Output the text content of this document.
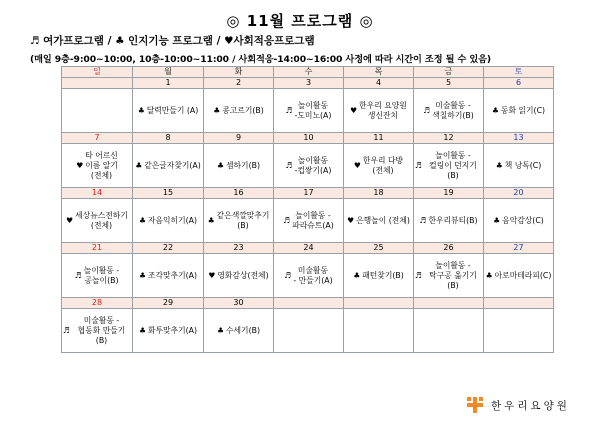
◎ 11월 프로그램 ◎
♬ 여가프로그램 / ♣ 인지기능 프로그램 / ♥사회적응프로그램
(매일 9층-9:00~10:00, 10층-10:00~11:00 / 사회적응-14:00~16:00 사정에 따라 시간이 조정 될 수 있음)
일	월	화	수	목	금	토
	1	2	3	4	5	6

	♣ 달력만들기 (A)	♣ 콩고르기(B)	♬
놀이활동
-도미노(A)	♥
한우리 요양원
생신잔치	♬
미술활동 -
색칠하기(B)	♣ 동화 읽기(C)

7	8	9	10	11	12	13

♥
타 어르신
이름 알기
(전체)	♣ 같은글자찾기(A)	♣ 셈하기(B)	♬
놀이활동
-컵쌓기(A)	♥
한우리 다방
(전체)	♬
놀이활동 -
컬링이 던지기(B)	♣ 책 낭독(C)

14	15	16	17	18	19	20

♥
세상뉴스전하기
(전체)	♣ 자음익히기(A)	♣
같은색깔맞추기
(B)	♬
놀이활동 -
파라슈트(A)	♥ 은행놀이 (전체)	♬ 한우리뷰티(B)	♣ 음악감상(C)

21	22	23	24	25	26	27

♬
놀이활동 -
공놀이(B)	♣ 조각맞추기(A)	♥ 영화감상(전체)	♬
미술활동
- 만들기(A)	♣ 패턴찾기(B)	♬
놀이활동 -
탁구공 옮기기(B)	♣ 아로마테라피(C)

28	29	30				

♬
미술활동 -
협동화 만들기(B)	♣ 화투맞추기(A)	♣ 수세기(B)				

한우리요양원
